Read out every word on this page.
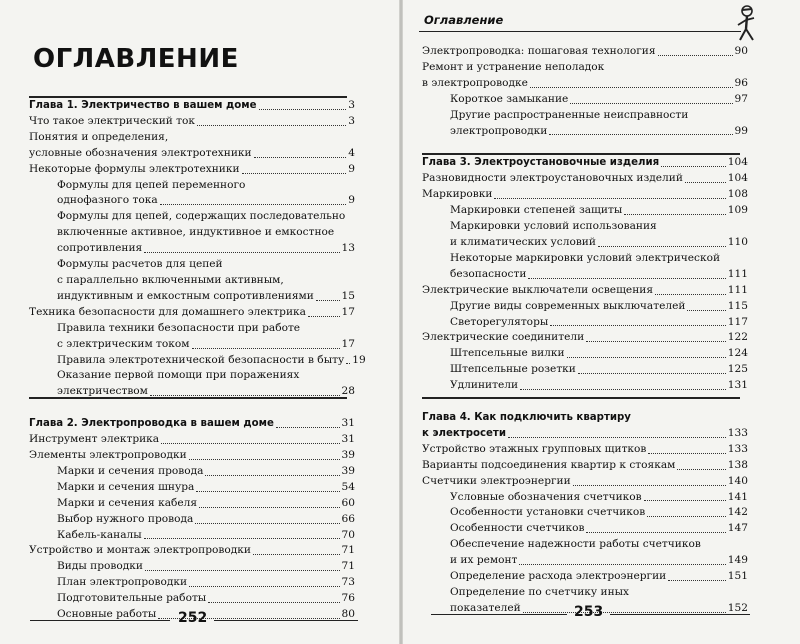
ОГЛАВЛЕНИЕ
Глава 1. Электричество в вашем доме	3
Что такое электрический ток	3
Понятия и определения,
условные обозначения электротехники	4
Некоторые формулы электротехники	9
Формулы для цепей переменного
однофазного тока	9
Формулы для цепей, содержащих последовательно
включенные активное, индуктивное и емкостное
сопротивления	13
Формулы расчетов для цепей
с параллельно включенными активным,
индуктивным и емкостным сопротивлениями	15
Техника безопасности для домашнего электрика	17
Правила техники безопасности при работе
с электрическим током	17
Правила электротехнической безопасности в быту 19
Оказание первой помощи при поражениях
электричеством	28
Глава 2. Электропроводка в вашем доме	31
Инструмент электрика	31
Элементы электропроводки	39
Марки и сечения провода	39
Марки и сечения шнура	54
Марки и сечения кабеля	60
Выбор нужного провода	66
Кабель-каналы	70
Устройство и монтаж электропроводки	71
Виды проводки	71
План электропроводки	73
Подготовительные работы	76
Основные работы	80
252
Оглавление
Электропроводка: пошаговая технология	90
Ремонт и устранение неполадок
в электропроводке	96
Короткое замыкание	97
Другие распространенные неисправности
электропроводки	99
Глава 3. Электроустановочные изделия	104
Разновидности электроустановочных изделий	104
Маркировки	108
Маркировки степеней защиты	109
Маркировки условий использования
и климатических условий	110
Некоторые маркировки условий электрической
безопасности	111
Электрические выключатели освещения	111
Другие виды современных выключателей	115
Светорегуляторы	117
Электрические соединители	122
Штепсельные вилки	124
Штепсельные розетки	125
Удлинители	131
Глава 4. Как подключить квартиру
к электросети	133
Устройство этажных групповых щитков	133
Варианты подсоединения квартир к стоякам	138
Счетчики электроэнергии	140
Условные обозначения счетчиков	141
Особенности установки счетчиков	142
Особенности счетчиков	147
Обеспечение надежности работы счетчиков
и их ремонт	149
Определение расхода электроэнергии	151
Определение по счетчику иных
показателей	152
253
